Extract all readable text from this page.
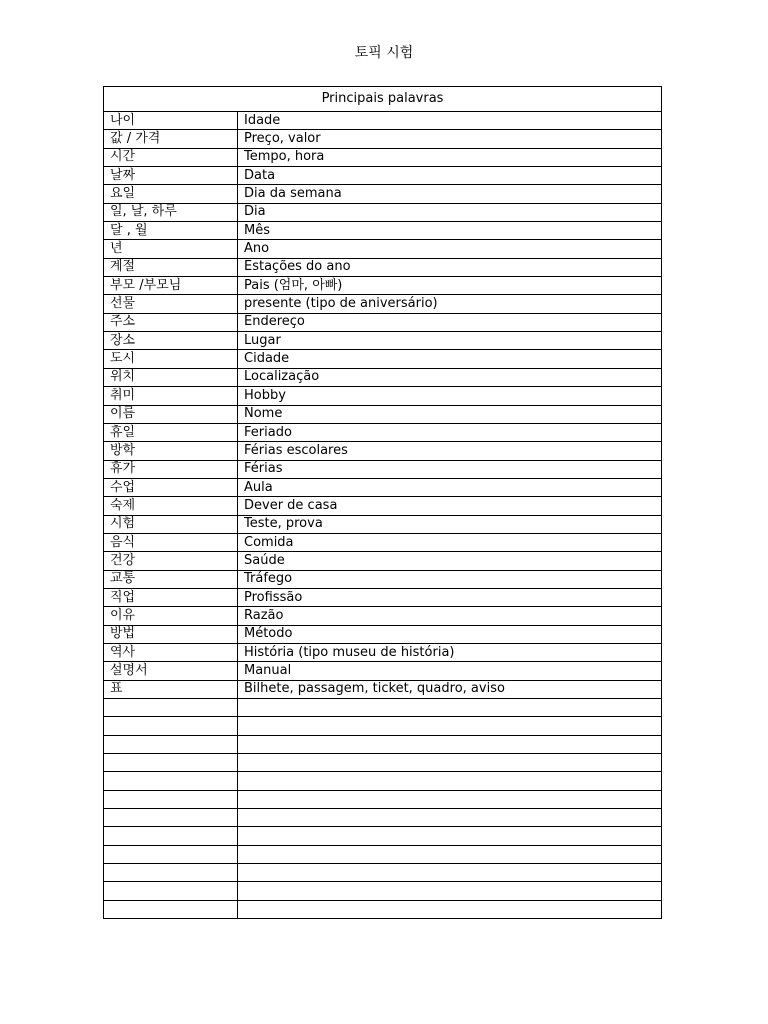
토픽 시험
Principais palavras	
나이	Idade
값 / 가격	Preço, valor
시간	Tempo, hora
날짜	Data
요일	Dia da semana
일, 날, 하루	Dia
달 , 월	Mês
년	Ano
계절	Estações do ano
부모 /부모님	Pais (엄마, 아빠)
선물	presente (tipo de aniversário)
주소	Endereço
장소	Lugar
도시	Cidade
위치	Localização
취미	Hobby
이름	Nome
휴일	Feriado
방학	Férias escolares
휴가	Férias
수업	Aula
숙제	Dever de casa
시험	Teste, prova
음식	Comida
건강	Saúde
교통	Tráfego
직업	Profissão
이유	Razão
방법	Método
역사	História (tipo museu de história)
설명서	Manual
표	Bilhete, passagem, ticket, quadro, aviso
